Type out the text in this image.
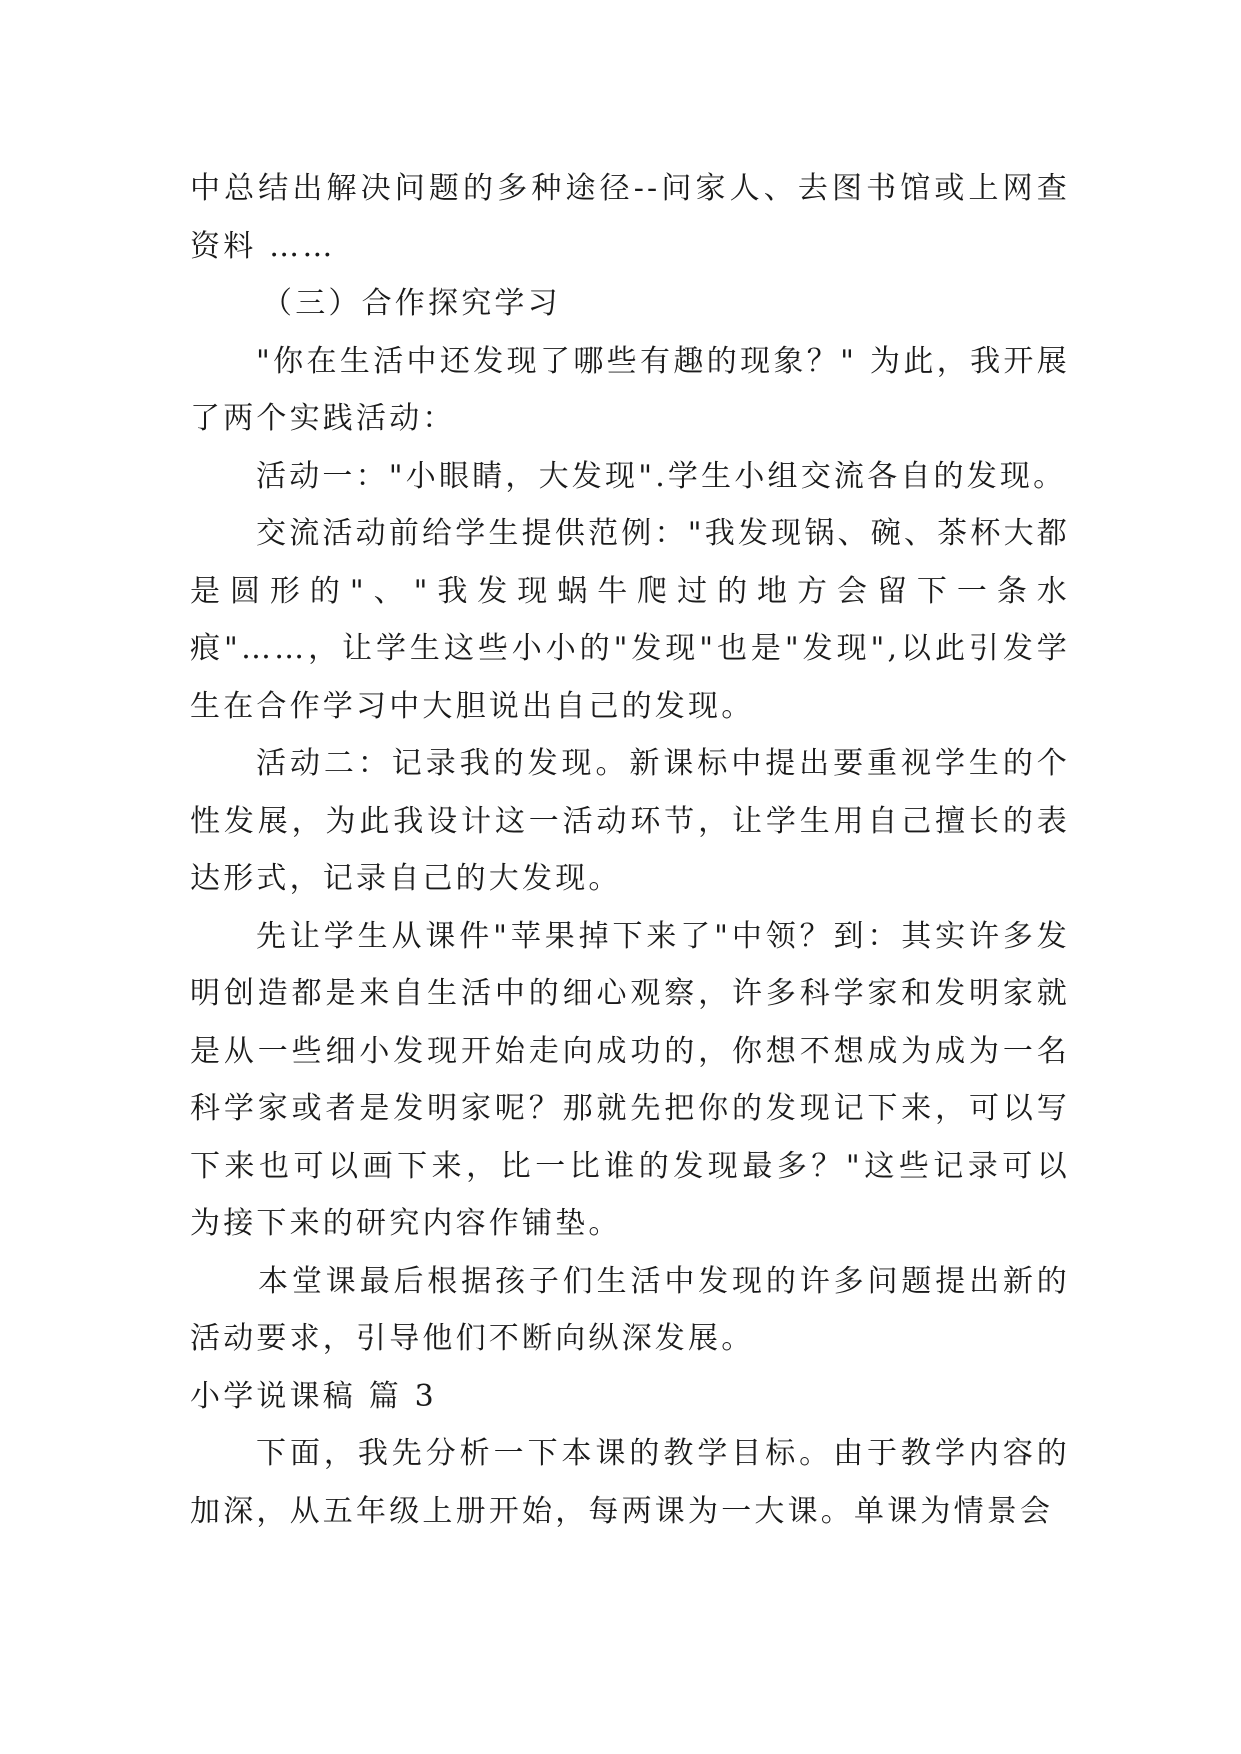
中总结出解决问题的多种途径--问家人、去图书馆或上网查资料 ……

（三）合作探究学习

"你在生活中还发现了哪些有趣的现象？" 为此，我开展了两个实践活动：

活动一："小眼睛，大发现".学生小组交流各自的发现。

交流活动前给学生提供范例："我发现锅、碗、茶杯大都是圆形的"、"我发现蜗牛爬过的地方会留下一条水痕"……，让学生这些小小的"发现"也是"发现",以此引发学生在合作学习中大胆说出自己的发现。

活动二：记录我的发现。新课标中提出要重视学生的个性发展，为此我设计这一活动环节，让学生用自己擅长的表达形式，记录自己的大发现。

先让学生从课件"苹果掉下来了"中领？到：其实许多发明创造都是来自生活中的细心观察，许多科学家和发明家就是从一些细小发现开始走向成功的，你想不想成为成为一名科学家或者是发明家呢？那就先把你的发现记下来，可以写下来也可以画下来，比一比谁的发现最多？"这些记录可以为接下来的研究内容作铺垫。

本堂课最后根据孩子们生活中发现的许多问题提出新的活动要求，引导他们不断向纵深发展。

小学说课稿 篇 3

下面，我先分析一下本课的教学目标。由于教学内容的加深，从五年级上册开始，每两课为一大课。单课为情景会
